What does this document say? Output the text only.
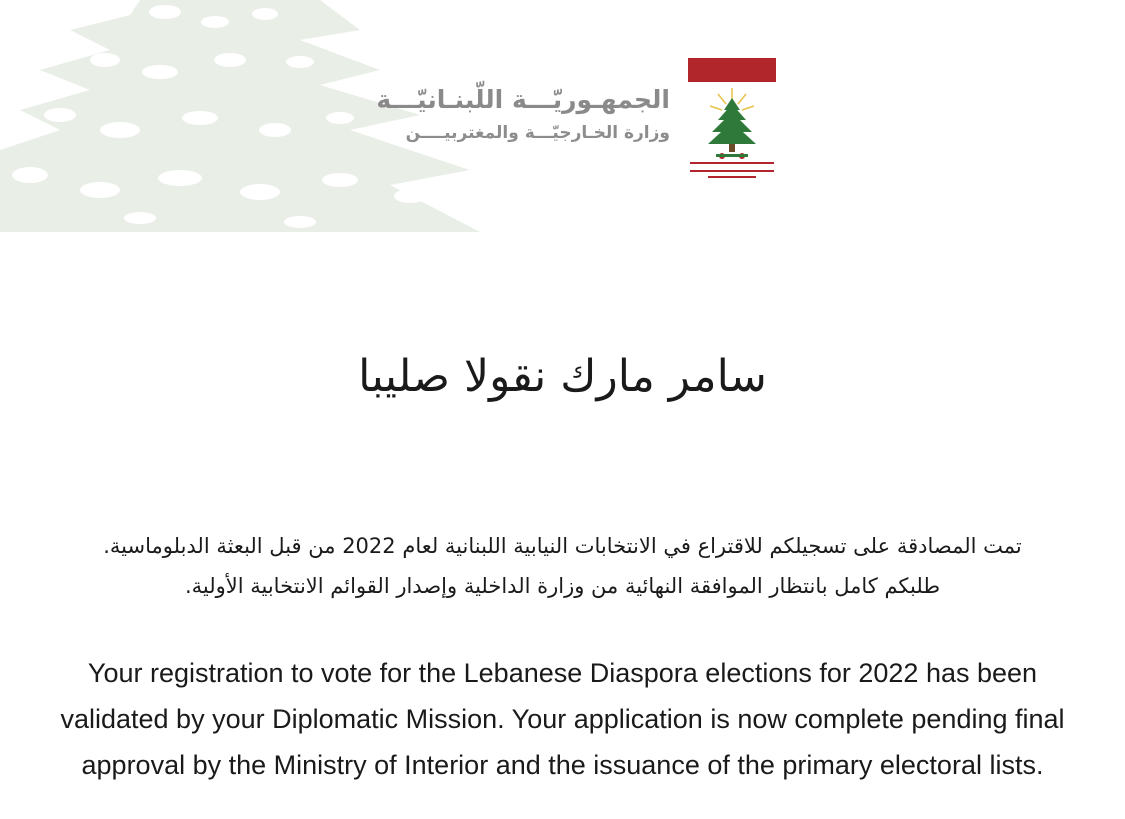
الجمهـوريّـــة اللّبنـانيّـــة
وزارة الخـارجيّـــة والمغتربيــــن
سامر مارك نقولا صليبا
تمت المصادقة على تسجيلكم للاقتراع في الانتخابات النيابية اللبنانية لعام 2022 من قبل البعثة الدبلوماسية.
طلبكم كامل بانتظار الموافقة النهائية من وزارة الداخلية وإصدار القوائم الانتخابية الأولية.
Your registration to vote for the Lebanese Diaspora elections for 2022 has been
validated by your Diplomatic Mission. Your application is now complete pending final
approval by the Ministry of Interior and the issuance of the primary electoral lists.
